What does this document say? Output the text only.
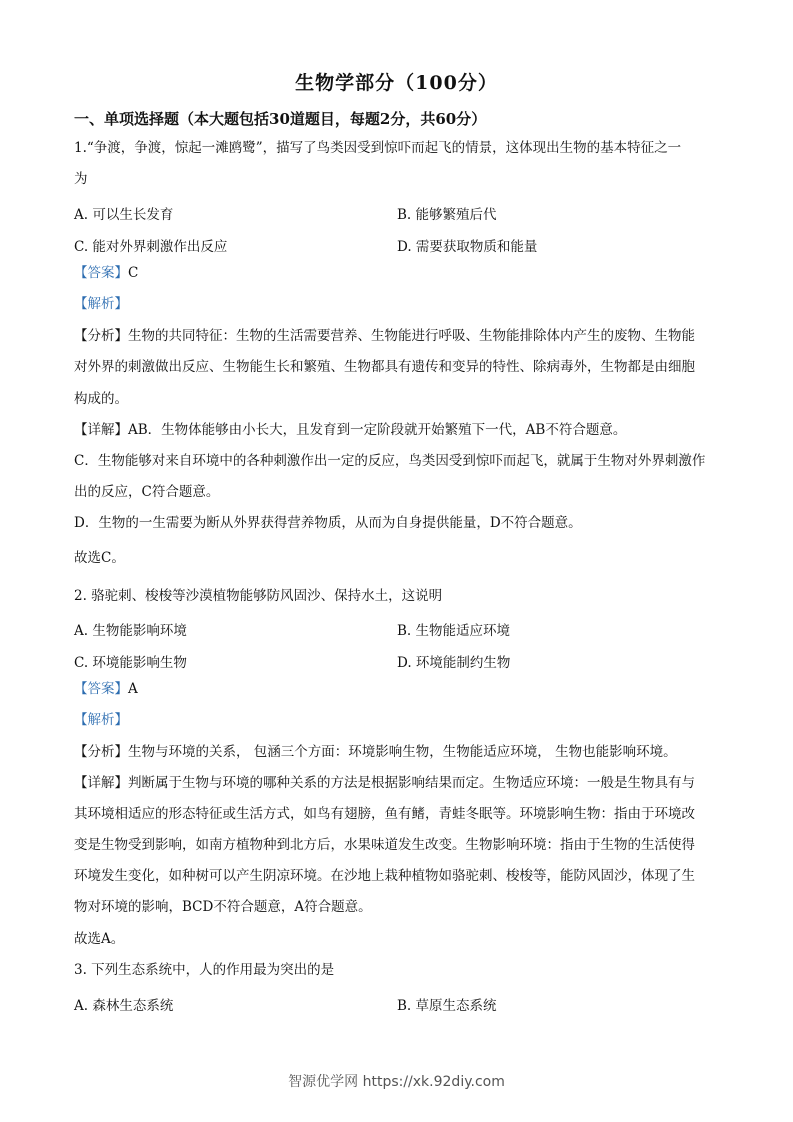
生物学部分（100分）
一、单项选择题（本大题包括30道题目，每题2分，共60分）
1.“争渡，争渡，惊起一滩鸥鹭”，描写了鸟类因受到惊吓而起飞的情景，这体现出生物的基本特征之一
为
A. 可以生长发育	B. 能够繁殖后代
C. 能对外界刺激作出反应	D. 需要获取物质和能量
【答案】C
【解析】
【分析】生物的共同特征：生物的生活需要营养、生物能进行呼吸、生物能排除体内产生的废物、生物能
对外界的刺激做出反应、生物能生长和繁殖、生物都具有遗传和变异的特性、除病毒外，生物都是由细胞
构成的。
【详解】AB．生物体能够由小长大，且发育到一定阶段就开始繁殖下一代，AB不符合题意。
C．生物能够对来自环境中的各种刺激作出一定的反应，鸟类因受到惊吓而起飞，就属于生物对外界刺激作
出的反应，C符合题意。
D．生物的一生需要为断从外界获得营养物质，从而为自身提供能量，D不符合题意。
故选C。
2. 骆驼刺、梭梭等沙漠植物能够防风固沙、保持水土，这说明
A. 生物能影响环境	B. 生物能适应环境
C. 环境能影响生物	D. 环境能制约生物
【答案】A
【解析】
【分析】生物与环境的关系， 包涵三个方面：环境影响生物，生物能适应环境， 生物也能影响环境。
【详解】判断属于生物与环境的哪种关系的方法是根据影响结果而定。生物适应环境：一般是生物具有与
其环境相适应的形态特征或生活方式，如鸟有翅膀，鱼有鳍，青蛙冬眠等。环境影响生物：指由于环境改
变是生物受到影响，如南方植物种到北方后，水果味道发生改变。生物影响环境：指由于生物的生活使得
环境发生变化，如种树可以产生阴凉环境。在沙地上栽种植物如骆驼刺、梭梭等，能防风固沙，体现了生
物对环境的影响，BCD不符合题意，A符合题意。
故选A。
3. 下列生态系统中，人的作用最为突出的是
A. 森林生态系统	B. 草原生态系统
智源优学网 https://xk.92diy.com
